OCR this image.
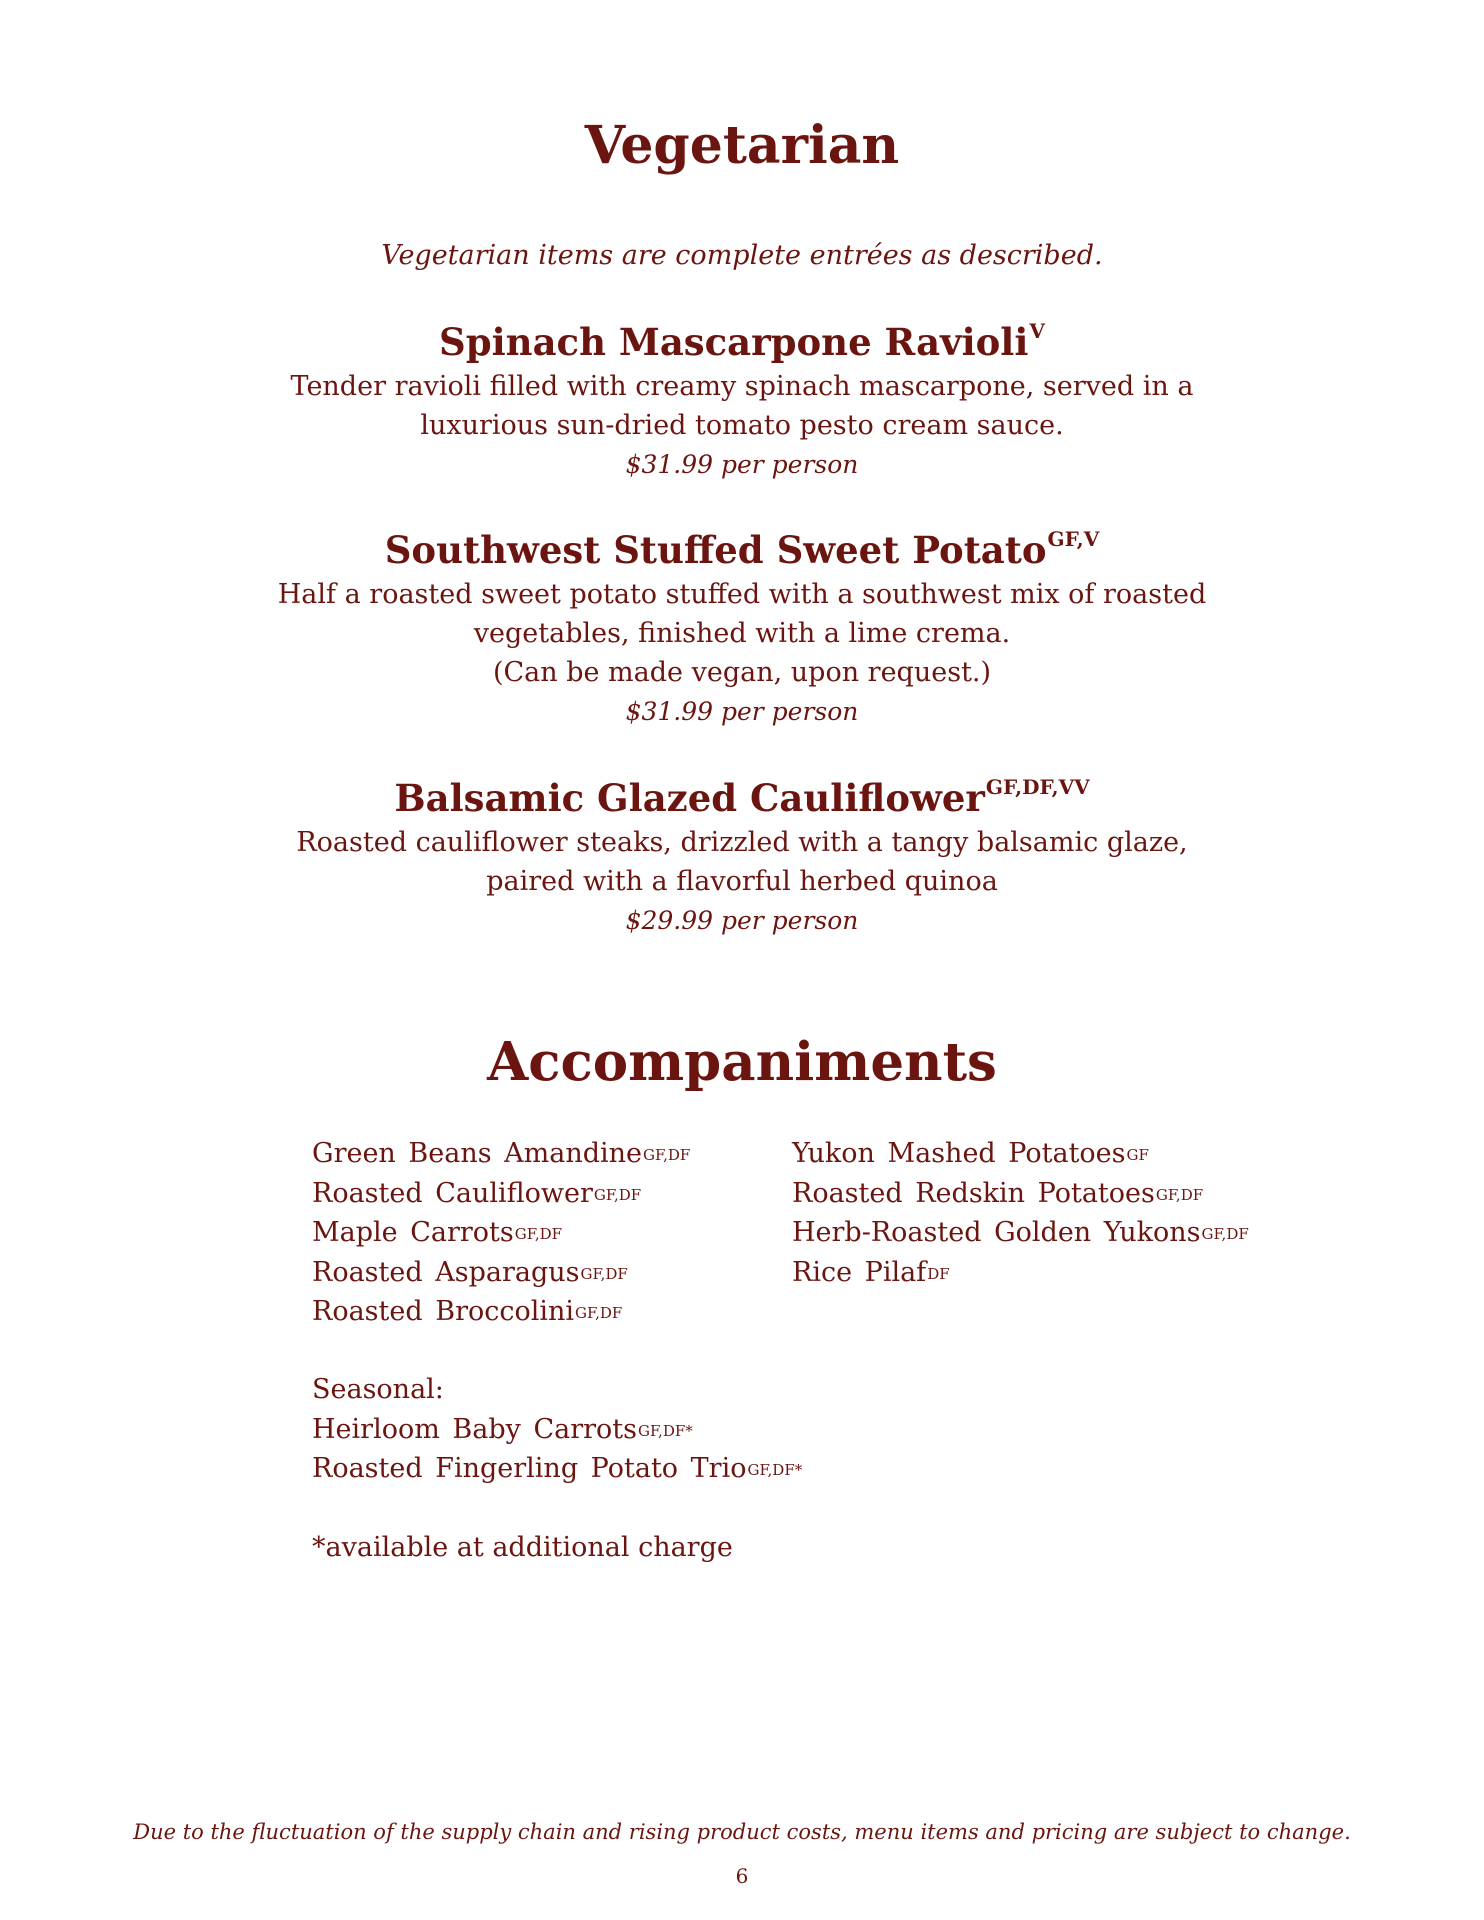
Vegetarian
Vegetarian items are complete entrées as described.
Spinach Mascarpone Ravioli$^V$
Tender ravioli filled with creamy spinach mascarpone, served in a
luxurious sun-dried tomato pesto cream sauce.
$31.99 per person
Southwest Stuffed Sweet Potato$^{GF,V}$
Half a roasted sweet potato stuffed with a southwest mix of roasted
vegetables, finished with a lime crema.
(Can be made vegan, upon request.)
$31.99 per person
Balsamic Glazed Cauliflower$^{GF,DF,VV}$
Roasted cauliflower steaks, drizzled with a tangy balsamic glaze,
paired with a flavorful herbed quinoa
$29.99 per person
Accompaniments
Green Beans Amandine$^{GF,DF}$
Roasted Cauliflower$^{GF,DF}$
Maple Carrots$^{GF,DF}$
Roasted Asparagus$^{GF,DF}$
Roasted Broccolini$^{GF,DF}$
Yukon Mashed Potatoes$^{GF}$
Roasted Redskin Potatoes$^{GF,DF}$
Herb-Roasted Golden Yukons$^{GF,DF}$
Rice Pilaf$^{DF}$
Seasonal:
Heirloom Baby Carrots$^{GF,DF*}$
Roasted Fingerling Potato Trio$^{GF,DF*}$
*available at additional charge
Due to the fluctuation of the supply chain and rising product costs, menu items and pricing are subject to change.
6
